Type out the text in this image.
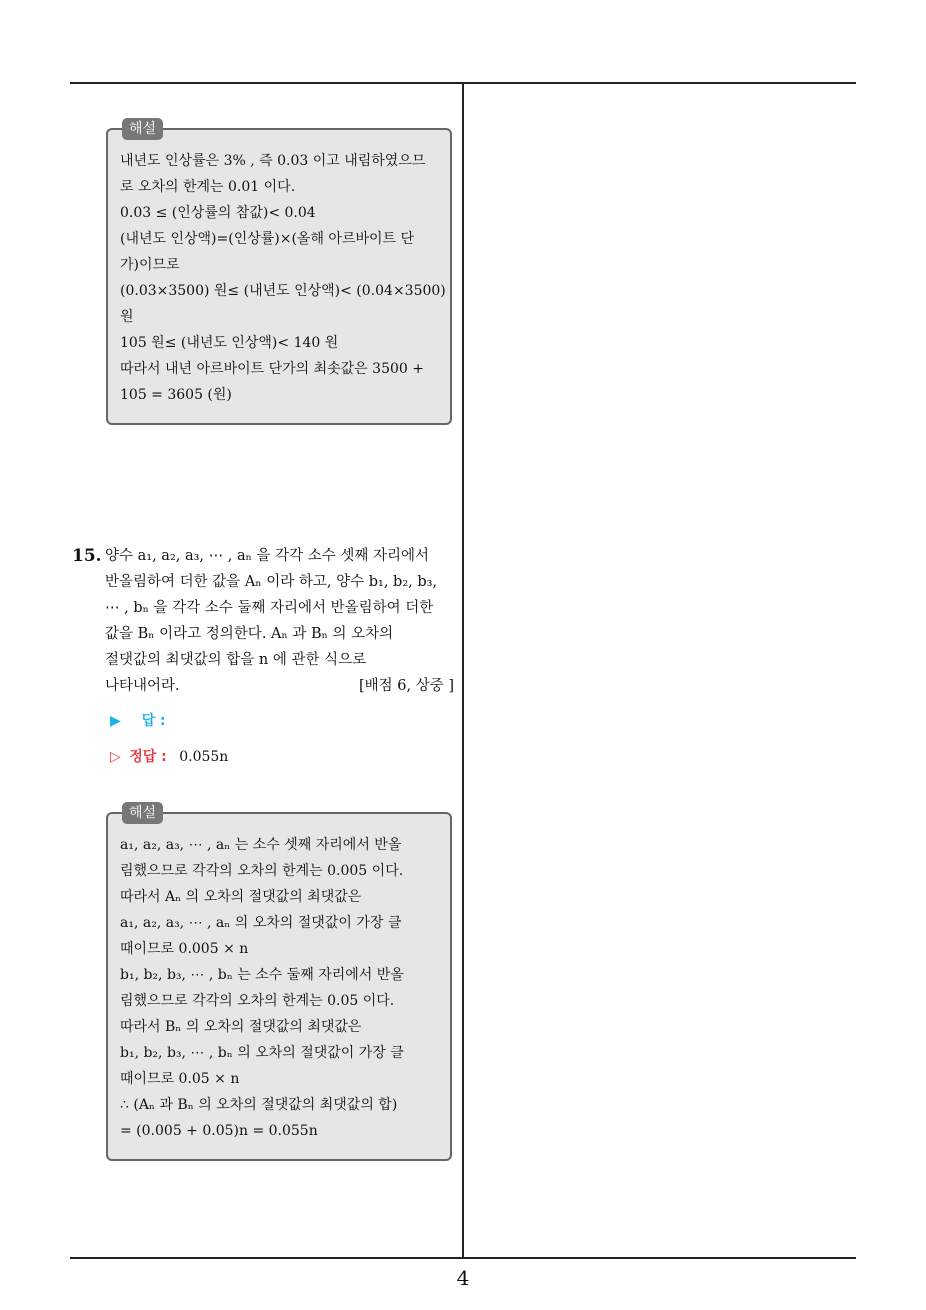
해설
내년도 인상률은 3% , 즉 0.03 이고 내림하였으므
로 오차의 한계는 0.01 이다.
0.03 ≤ (인상률의 참값)< 0.04
(내년도 인상액)=(인상률)×(올해 아르바이트 단
가)이므로
(0.03×3500) 원≤ (내년도 인상액)< (0.04×3500)
원
105 원≤ (내년도 인상액)< 140 원
따라서 내년 아르바이트 단가의 최솟값은 3500 +
105 = 3605 (원)
15. 양수 a₁, a₂, a₃, ⋯ , aₙ 을 각각 소수 셋째 자리에서
반올림하여 더한 값을 Aₙ 이라 하고, 양수 b₁, b₂, b₃,
⋯ , bₙ 을 각각 소수 둘째 자리에서 반올림하여 더한
값을 Bₙ 이라고 정의한다. Aₙ 과 Bₙ 의 오차의
절댓값의 최댓값의 합을 n 에 관한 식으로
나타내어라.	[배점 6, 상중 ]
▶ 답 :
▷ 정답 : 0.055n
해설
a₁, a₂, a₃, ⋯ , aₙ 는 소수 셋째 자리에서 반올
림했으므로 각각의 오차의 한계는 0.005 이다.
따라서 Aₙ 의 오차의 절댓값의 최댓값은
a₁, a₂, a₃, ⋯ , aₙ 의 오차의 절댓값이 가장 클
때이므로 0.005 × n
b₁, b₂, b₃, ⋯ , bₙ 는 소수 둘째 자리에서 반올
림했으므로 각각의 오차의 한계는 0.05 이다.
따라서 Bₙ 의 오차의 절댓값의 최댓값은
b₁, b₂, b₃, ⋯ , bₙ 의 오차의 절댓값이 가장 클
때이므로 0.05 × n
∴ (Aₙ 과 Bₙ 의 오차의 절댓값의 최댓값의 합)
= (0.005 + 0.05)n = 0.055n
4
